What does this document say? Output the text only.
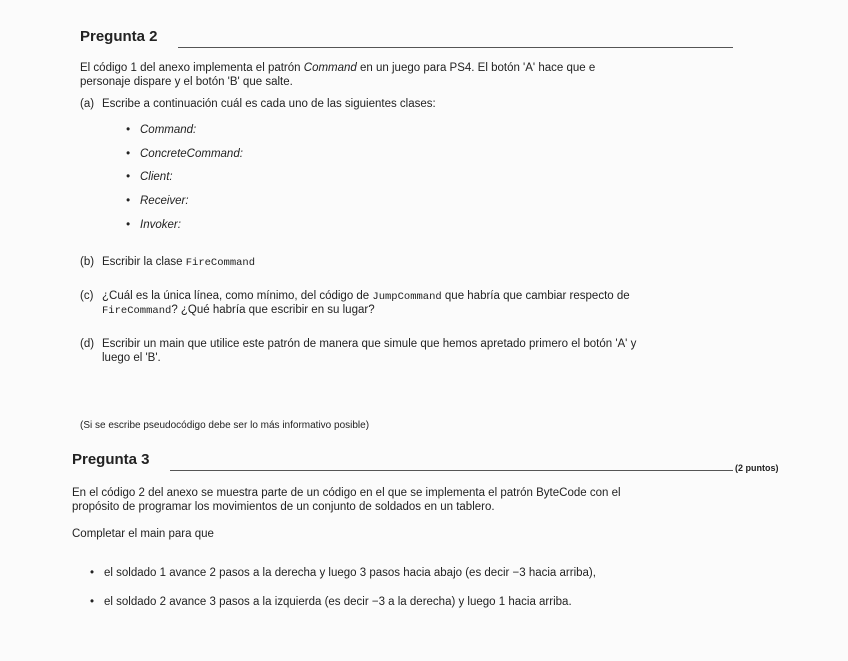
Pregunta 2
El código 1 del anexo implementa el patrón Command en un juego para PS4. El botón 'A' hace que e
personaje dispare y el botón 'B' que salte.
(a) Escribe a continuación cuál es cada uno de las siguientes clases:
• Command:
• ConcreteCommand:
• Client:
• Receiver:
• Invoker:
(b) Escribir la clase FireCommand
(c) ¿Cuál es la única línea, como mínimo, del código de JumpCommand que habría que cambiar respecto de
FireCommand? ¿Qué habría que escribir en su lugar?
(d) Escribir un main que utilice este patrón de manera que simule que hemos apretado primero el botón 'A' y
luego el 'B'.
(Si se escribe pseudocódigo debe ser lo más informativo posible)
Pregunta 3	(2 puntos)
En el código 2 del anexo se muestra parte de un código en el que se implementa el patrón ByteCode con el
propósito de programar los movimientos de un conjunto de soldados en un tablero.
Completar el main para que
• el soldado 1 avance 2 pasos a la derecha y luego 3 pasos hacia abajo (es decir −3 hacia arriba),
• el soldado 2 avance 3 pasos a la izquierda (es decir −3 a la derecha) y luego 1 hacia arriba.
